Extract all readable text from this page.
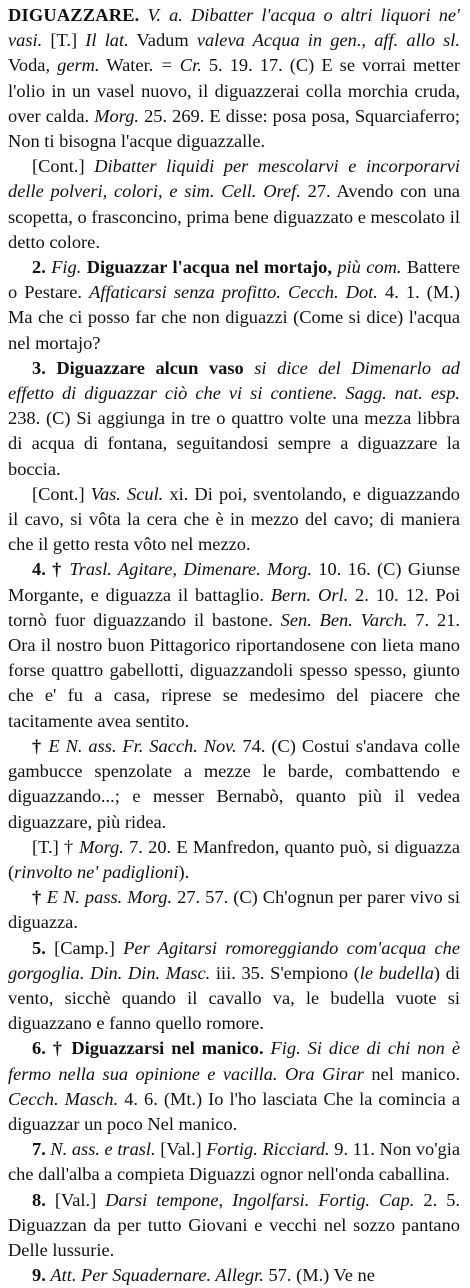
DIGUAZZARE. V. a. Dibatter l'acqua o altri liquori ne' vasi. [T.] Il lat. Vadum valeva Acqua in gen., aff. allo sl. Voda, germ. Water. = Cr. 5. 19. 17. (C) E se vorrai metter l'olio in un vasel nuovo, il diguazzerai colla morchia cruda, over calda. Morg. 25. 269. E disse: posa posa, Squarciaferro; Non ti bisogna l'acque diguazzalle.

[Cont.] Dibatter liquidi per mescolarvi e incorporarvi delle polveri, colori, e sim. Cell. Oref. 27. Avendo con una scopetta, o frasconcino, prima bene diguazzato e mescolato il detto colore.

2. Fig. Diguazzar l'acqua nel mortajo, più com. Battere o Pestare. Affaticarsi senza profitto. Cecch. Dot. 4. 1. (M.) Ma che ci posso far che non diguazzi (Come si dice) l'acqua nel mortajo?

3. Diguazzare alcun vaso si dice del Dimenarlo ad effetto di diguazzar ciò che vi si contiene. Sagg. nat. esp. 238. (C) Si aggiunga in tre o quattro volte una mezza libbra di acqua di fontana, seguitandosi sempre a diguazzare la boccia.

[Cont.] Vas. Scul. xi. Di poi, sventolando, e diguazzando il cavo, si vôta la cera che è in mezzo del cavo; di maniera che il getto resta vôto nel mezzo.

4. † Trasl. Agitare, Dimenare. Morg. 10. 16. (C) Giunse Morgante, e diguazza il battaglio. Bern. Orl. 2. 10. 12. Poi tornò fuor diguazzando il bastone. Sen. Ben. Varch. 7. 21. Ora il nostro buon Pittagorico riportandosene con lieta mano forse quattro gabellotti, diguazzandoli spesso spesso, giunto che e' fu a casa, riprese se medesimo del piacere che tacitamente avea sentito.

† E N. ass. Fr. Sacch. Nov. 74. (C) Costui s'andava colle gambucce spenzolate a mezze le barde, combattendo e diguazzando...; e messer Bernabò, quanto più il vedea diguazzare, più ridea.

[T.] † Morg. 7. 20. E Manfredon, quanto può, si diguazza (rinvolto ne' padiglioni).

† E N. pass. Morg. 27. 57. (C) Ch'ognun per parer vivo si diguazza.

5. [Camp.] Per Agitarsi romoreggiando com'acqua che gorgoglia. Din. Din. Masc. iii. 35. S'empiono (le budella) di vento, sicchè quando il cavallo va, le budella vuote si diguazzano e fanno quello romore.

6. † Diguazzarsi nel manico. Fig. Si dice di chi non è fermo nella sua opinione e vacilla. Ora Girar nel manico. Cecch. Masch. 4. 6. (Mt.) Io l'ho lasciata Che la comincia a diguazzar un poco Nel manico.

7. N. ass. e trasl. [Val.] Fortig. Ricciard. 9. 11. Non vo'gia che dall'alba a compieta Diguazzi ognor nell'onda caballina.

8. [Val.] Darsi tempone, Ingolfarsi. Fortig. Cap. 2. 5. Diguazzan da per tutto Giovani e vecchi nel sozzo pantano Delle lussurie.

9. Att. Per Squadernare. Allegr. 57. (M.) Ve ne
